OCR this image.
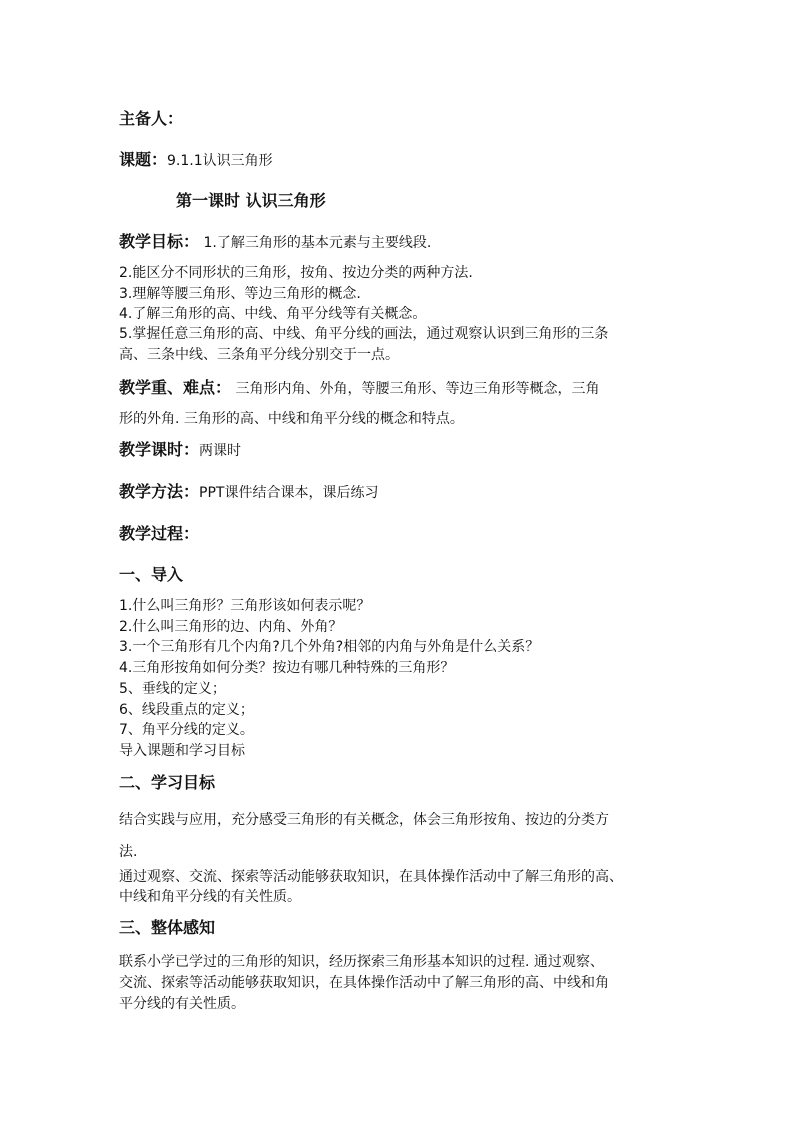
主备人：
课题：9.1.1认识三角形
第一课时 认识三角形
教学目标： 1.了解三角形的基本元素与主要线段.
2.能区分不同形状的三角形，按角、按边分类的两种方法.
3.理解等腰三角形、等边三角形的概念.
4.了解三角形的高、中线、角平分线等有关概念。
5.掌握任意三角形的高、中线、角平分线的画法，通过观察认识到三角形的三条
高、三条中线、三条角平分线分别交于一点。
教学重、难点： 三角形内角、外角，等腰三角形、等边三角形等概念，三角
形的外角. 三角形的高、中线和角平分线的概念和特点。
教学课时：两课时
教学方法：PPT课件结合课本，课后练习
教学过程：
一、导入
1.什么叫三角形？三角形该如何表示呢？
2.什么叫三角形的边、内角、外角？
3.一个三角形有几个内角?几个外角?相邻的内角与外角是什么关系？
4.三角形按角如何分类？按边有哪几种特殊的三角形？
5、垂线的定义；
6、线段重点的定义；
7、角平分线的定义。
导入课题和学习目标
二、学习目标
结合实践与应用，充分感受三角形的有关概念，体会三角形按角、按边的分类方
法.
通过观察、交流、探索等活动能够获取知识，在具体操作活动中了解三角形的高、
中线和角平分线的有关性质。
三、整体感知
联系小学已学过的三角形的知识，经历探索三角形基本知识的过程. 通过观察、
交流、探索等活动能够获取知识，在具体操作活动中了解三角形的高、中线和角
平分线的有关性质。
